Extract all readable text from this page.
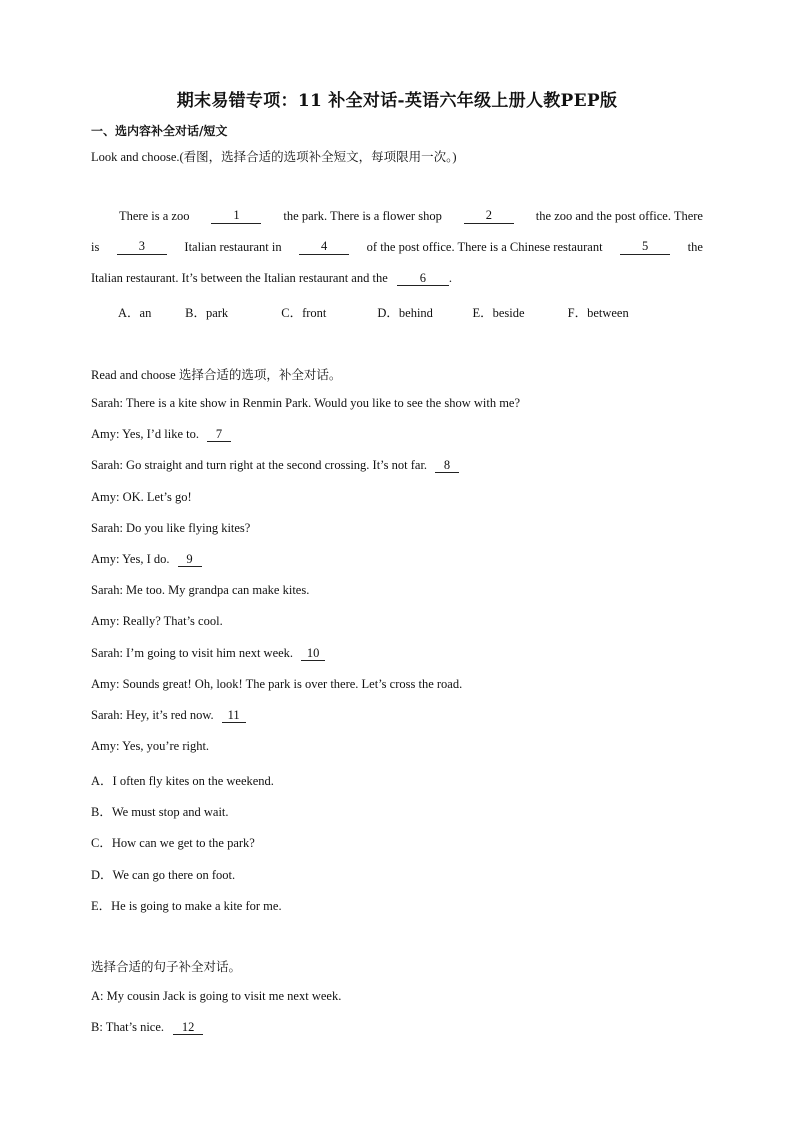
期末易错专项：11 补全对话-英语六年级上册人教PEP版
一、选内容补全对话/短文
Look and choose.(看图，选择合适的选项补全短文，每项限用一次。)
There is a zoo	1	the park. There is a flower shop	2	the zoo and the post office. There
is	3	Italian restaurant in	4	of the post office. There is a Chinese restaurant	5	the
Italian restaurant. It’s between the Italian restaurant and the	6 .
A．an	B．park	C．front	D．behind	E．beside	F．between
Read and choose 选择合适的选项，补全对话。
Sarah: There is a kite show in Renmin Park. Would you like to see the show with me?
Amy: Yes, I’d like to. 7
Sarah: Go straight and turn right at the second crossing. It’s not far. 8
Amy: OK. Let’s go!
Sarah: Do you like flying kites?
Amy: Yes, I do. 9
Sarah: Me too. My grandpa can make kites.
Amy: Really? That’s cool.
Sarah: I’m going to visit him next week. 10
Amy: Sounds great! Oh, look! The park is over there. Let’s cross the road.
Sarah: Hey, it’s red now. 11
Amy: Yes, you’re right.
A．I often fly kites on the weekend.
B．We must stop and wait.
C．How can we get to the park?
D．We can go there on foot.
E．He is going to make a kite for me.
选择合适的句子补全对话。
A: My cousin Jack is going to visit me next week.
B: That’s nice. 12
